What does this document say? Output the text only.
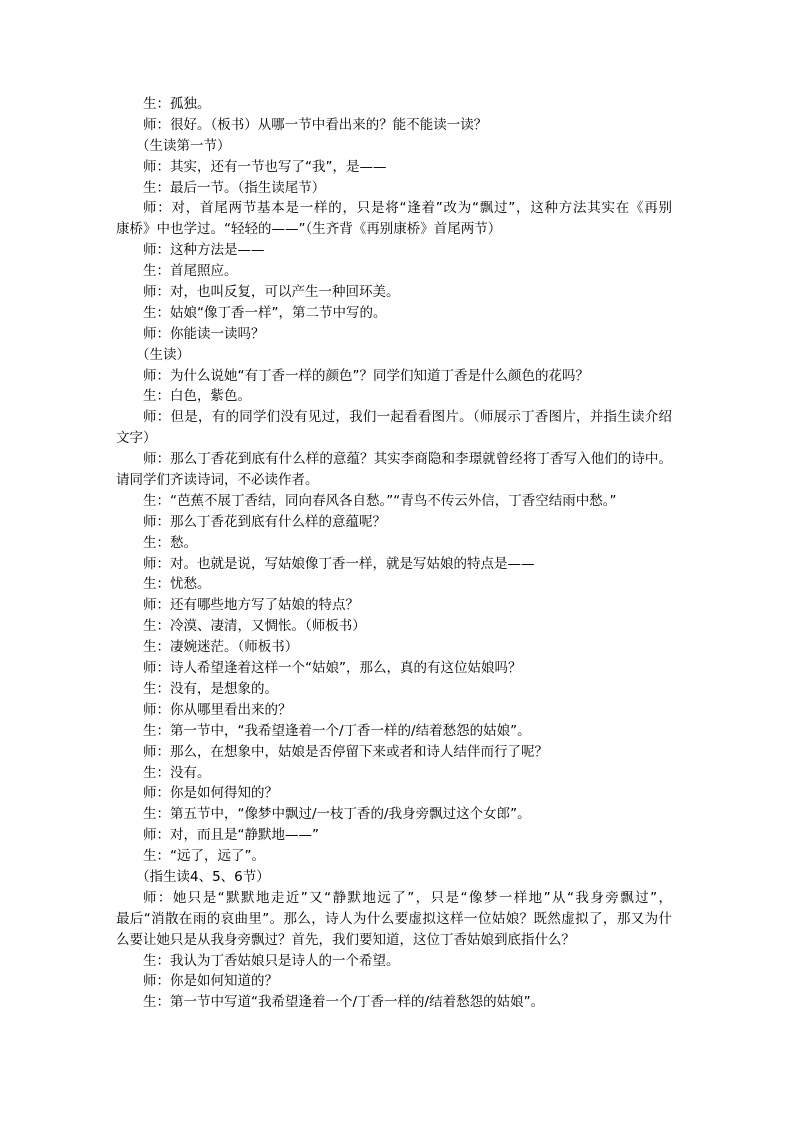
生：孤独。
师：很好。（板书）从哪一节中看出来的？能不能读一读？
（生读第一节）
师：其实，还有一节也写了“我”，是——
生：最后一节。（指生读尾节）
师：对，首尾两节基本是一样的，只是将“逢着”改为“飘过”，这种方法其实在《再别
康桥》中也学过。“轻轻的——”（生齐背《再别康桥》首尾两节）
师：这种方法是——
生：首尾照应。
师：对，也叫反复，可以产生一种回环美。
生：姑娘“像丁香一样”，第二节中写的。
师：你能读一读吗？
（生读）
师：为什么说她“有丁香一样的颜色”？同学们知道丁香是什么颜色的花吗？
生：白色，紫色。
师：但是，有的同学们没有见过，我们一起看看图片。（师展示丁香图片，并指生读介绍
文字）
师：那么丁香花到底有什么样的意蕴？其实李商隐和李璟就曾经将丁香写入他们的诗中。
请同学们齐读诗词，不必读作者。
生：“芭蕉不展丁香结，同向春风各自愁。”“青鸟不传云外信，丁香空结雨中愁。”
师：那么丁香花到底有什么样的意蕴呢？
生：愁。
师：对。也就是说，写姑娘像丁香一样，就是写姑娘的特点是——
生：忧愁。
师：还有哪些地方写了姑娘的特点？
生：冷漠、凄清，又惆怅。（师板书）
生：凄婉迷茫。（师板书）
师：诗人希望逢着这样一个“姑娘”，那么，真的有这位姑娘吗？
生：没有，是想象的。
师：你从哪里看出来的？
生：第一节中，“我希望逢着一个/丁香一样的/结着愁怨的姑娘”。
师：那么，在想象中，姑娘是否停留下来或者和诗人结伴而行了呢？
生：没有。
师：你是如何得知的？
生：第五节中，“像梦中飘过/一枝丁香的/我身旁飘过这个女郎”。
师：对，而且是“静默地——”
生：“远了，远了”。
（指生读4、5、6节）
师：她只是“默默地走近”又“静默地远了”，只是“像梦一样地”从“我身旁飘过”，
最后“消散在雨的哀曲里”。那么，诗人为什么要虚拟这样一位姑娘？既然虚拟了，那又为什
么要让她只是从我身旁飘过？首先，我们要知道，这位丁香姑娘到底指什么？
生：我认为丁香姑娘只是诗人的一个希望。
师：你是如何知道的？
生：第一节中写道“我希望逢着一个/丁香一样的/结着愁怨的姑娘”。
